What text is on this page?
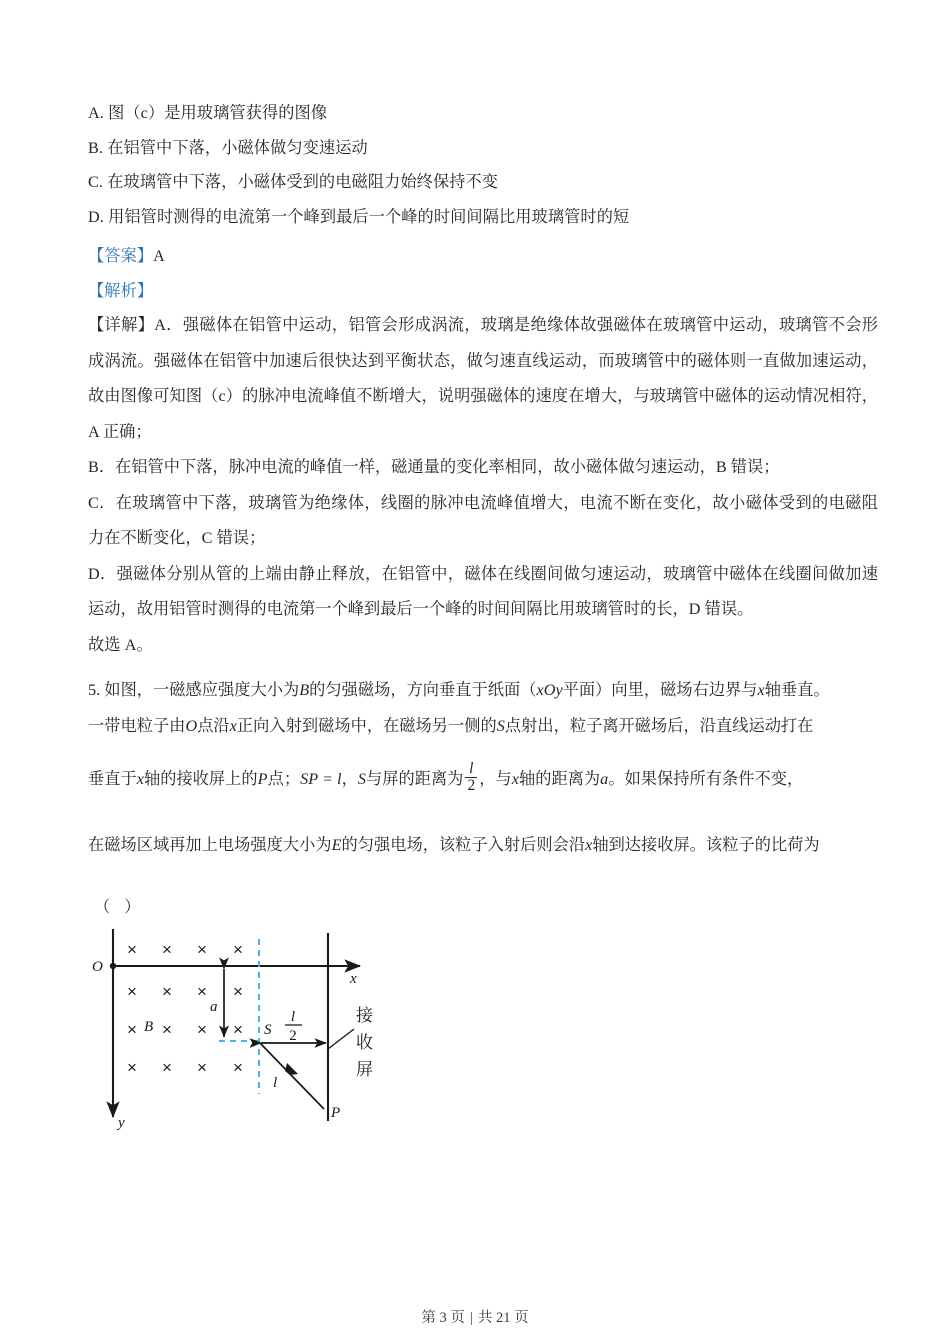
A. 图（c）是用玻璃管获得的图像
B. 在铝管中下落，小磁体做匀变速运动
C. 在玻璃管中下落，小磁体受到的电磁阻力始终保持不变
D. 用铝管时测得的电流第一个峰到最后一个峰的时间间隔比用玻璃管时的短
【答案】A
【解析】
【详解】A．强磁体在铝管中运动，铝管会形成涡流，玻璃是绝缘体故强磁体在玻璃管中运动，玻璃管不会形成涡流。强磁体在铝管中加速后很快达到平衡状态，做匀速直线运动，而玻璃管中的磁体则一直做加速运动，故由图像可知图（c）的脉冲电流峰值不断增大，说明强磁体的速度在增大，与玻璃管中磁体的运动情况相符，A 正确；
B．在铝管中下落，脉冲电流的峰值一样，磁通量的变化率相同，故小磁体做匀速运动，B 错误；
C．在玻璃管中下落，玻璃管为绝缘体，线圈的脉冲电流峰值增大，电流不断在变化，故小磁体受到的电磁阻力在不断变化，C 错误；
D．强磁体分别从管的上端由静止释放，在铝管中，磁体在线圈间做匀速运动，玻璃管中磁体在线圈间做加速运动，故用铝管时测得的电流第一个峰到最后一个峰的时间间隔比用玻璃管时的长，D 错误。
故选 A。
5. 如图，一磁感应强度大小为B的匀强磁场，方向垂直于纸面（xOy平面）向里，磁场右边界与x轴垂直。
一带电粒子由O点沿x正向入射到磁场中，在磁场另一侧的S点射出，粒子离开磁场后，沿直线运动打在
垂直于x轴的接收屏上的P点；SP = l，S与屏的距离为 $\frac{l}{2}$ ，与x轴的距离为a。如果保持所有条件不变，
在磁场区域再加上电场强度大小为E的匀强电场，该粒子入射后则会沿x轴到达接收屏。该粒子的比荷为
（ ）
y
x
O
× × × ×
× × × ×
× × × ×
× × × ×
B
a
S
l
2
l
P
接
收
屏
第 3 页 | 共 21 页
